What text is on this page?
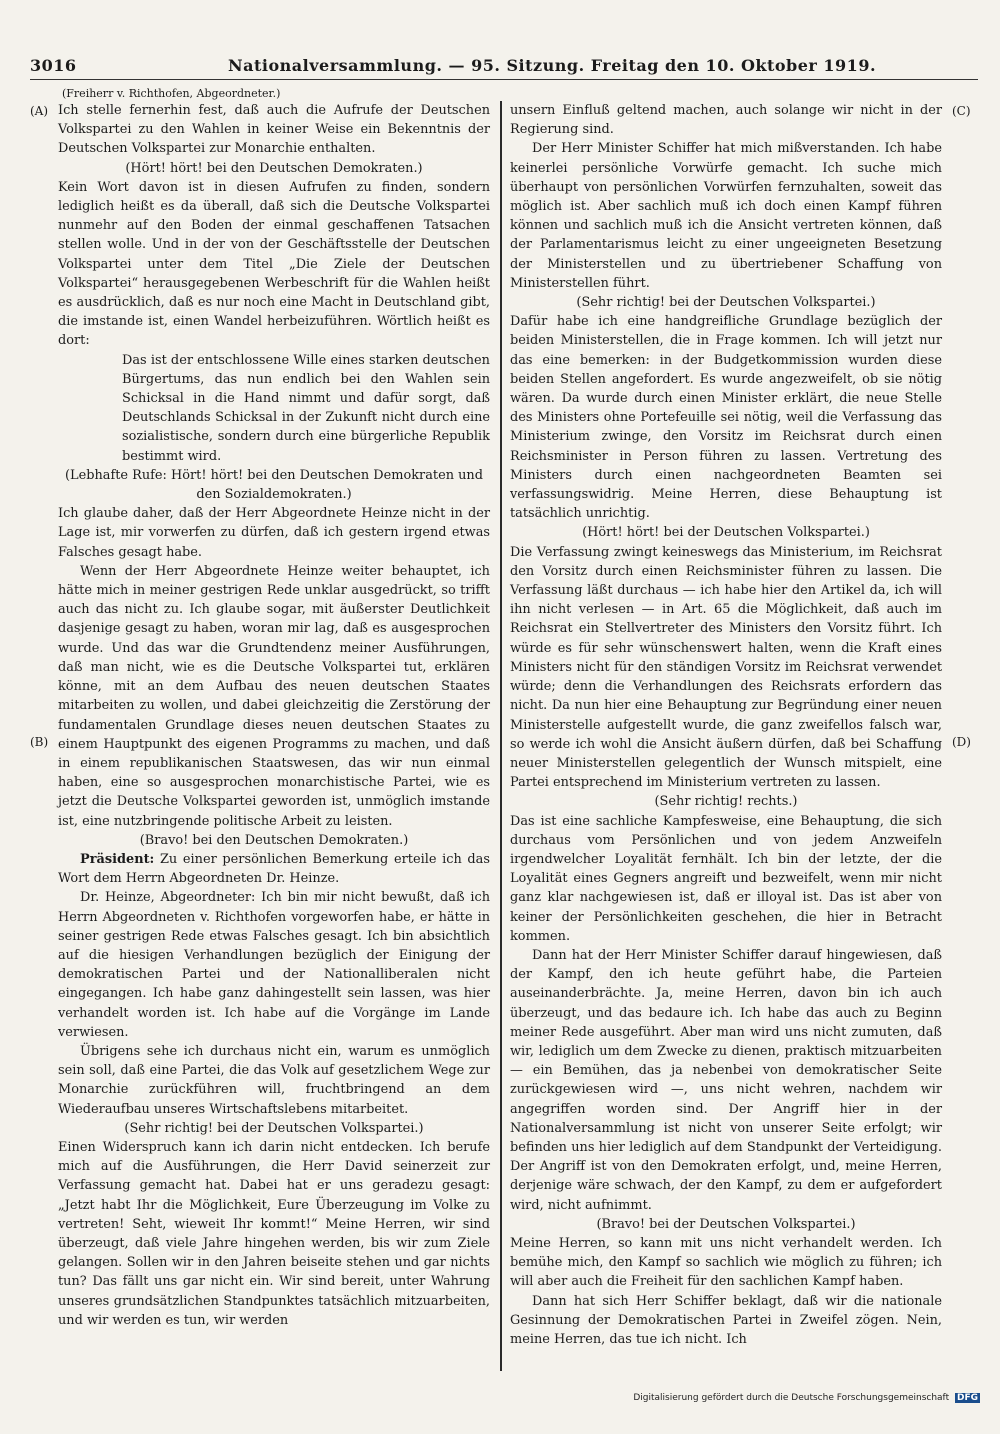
3016	Nationalversammlung. — 95. Sitzung. Freitag den 10. Oktober 1919.
(Freiherr v. Richthofen, Abgeordneter.)
(A)
(B)
(C)
(D)

Ich stelle fernerhin fest, daß auch die Aufrufe der Deutschen Volkspartei zu den Wahlen in keiner Weise ein Bekenntnis der Deutschen Volkspartei zur Monarchie enthalten.

(Hört! hört! bei den Deutschen Demokraten.)

Kein Wort davon ist in diesen Aufrufen zu finden, sondern lediglich heißt es da überall, daß sich die Deutsche Volkspartei nunmehr auf den Boden der einmal geschaffenen Tatsachen stellen wolle. Und in der von der Geschäftsstelle der Deutschen Volkspartei unter dem Titel „Die Ziele der Deutschen Volkspartei“ herausgegebenen Werbeschrift für die Wahlen heißt es ausdrücklich, daß es nur noch eine Macht in Deutschland gibt, die imstande ist, einen Wandel herbeizuführen. Wörtlich heißt es dort:

Das ist der entschlossene Wille eines starken deutschen Bürgertums, das nun endlich bei den Wahlen sein Schicksal in die Hand nimmt und dafür sorgt, daß Deutschlands Schicksal in der Zukunft nicht durch eine sozialistische, sondern durch eine bürgerliche Republik bestimmt wird.

(Lebhafte Rufe: Hört! hört! bei den Deutschen Demokraten und den Sozialdemokraten.)

Ich glaube daher, daß der Herr Abgeordnete Heinze nicht in der Lage ist, mir vorwerfen zu dürfen, daß ich gestern irgend etwas Falsches gesagt habe.

Wenn der Herr Abgeordnete Heinze weiter behauptet, ich hätte mich in meiner gestrigen Rede unklar ausgedrückt, so trifft auch das nicht zu. Ich glaube sogar, mit äußerster Deutlichkeit dasjenige gesagt zu haben, woran mir lag, daß es ausgesprochen wurde. Und das war die Grundtendenz meiner Ausführungen, daß man nicht, wie es die Deutsche Volkspartei tut, erklären könne, mit an dem Aufbau des neuen deutschen Staates mitarbeiten zu wollen, und dabei gleichzeitig die Zerstörung der fundamentalen Grundlage dieses neuen deutschen Staates zu einem Hauptpunkt des eigenen Programms zu machen, und daß in einem republikanischen Staatswesen, das wir nun einmal haben, eine so ausgesprochen monarchistische Partei, wie es jetzt die Deutsche Volkspartei geworden ist, unmöglich imstande ist, eine nutzbringende politische Arbeit zu leisten.

(Bravo! bei den Deutschen Demokraten.)

Präsident: Zu einer persönlichen Bemerkung erteile ich das Wort dem Herrn Abgeordneten Dr. Heinze.

Dr. Heinze, Abgeordneter: Ich bin mir nicht bewußt, daß ich Herrn Abgeordneten v. Richthofen vorgeworfen habe, er hätte in seiner gestrigen Rede etwas Falsches gesagt. Ich bin absichtlich auf die hiesigen Verhandlungen bezüglich der Einigung der demokratischen Partei und der Nationalliberalen nicht eingegangen. Ich habe ganz dahingestellt sein lassen, was hier verhandelt worden ist. Ich habe auf die Vorgänge im Lande verwiesen.

Übrigens sehe ich durchaus nicht ein, warum es unmöglich sein soll, daß eine Partei, die das Volk auf gesetzlichem Wege zur Monarchie zurückführen will, fruchtbringend an dem Wiederaufbau unseres Wirtschaftslebens mitarbeitet.

(Sehr richtig! bei der Deutschen Volkspartei.)

Einen Widerspruch kann ich darin nicht entdecken. Ich berufe mich auf die Ausführungen, die Herr David seinerzeit zur Verfassung gemacht hat. Dabei hat er uns geradezu gesagt: „Jetzt habt Ihr die Möglichkeit, Eure Überzeugung im Volke zu vertreten! Seht, wieweit Ihr kommt!“ Meine Herren, wir sind überzeugt, daß viele Jahre hingehen werden, bis wir zum Ziele gelangen. Sollen wir in den Jahren beiseite stehen und gar nichts tun? Das fällt uns gar nicht ein. Wir sind bereit, unter Wahrung unseres grundsätzlichen Standpunktes tatsächlich mitzuarbeiten, und wir werden es tun, wir werden

unsern Einfluß geltend machen, auch solange wir nicht in der Regierung sind.

Der Herr Minister Schiffer hat mich mißverstanden. Ich habe keinerlei persönliche Vorwürfe gemacht. Ich suche mich überhaupt von persönlichen Vorwürfen fernzuhalten, soweit das möglich ist. Aber sachlich muß ich doch einen Kampf führen können und sachlich muß ich die Ansicht vertreten können, daß der Parlamentarismus leicht zu einer ungeeigneten Besetzung der Ministerstellen und zu übertriebener Schaffung von Ministerstellen führt.

(Sehr richtig! bei der Deutschen Volkspartei.)

Dafür habe ich eine handgreifliche Grundlage bezüglich der beiden Ministerstellen, die in Frage kommen. Ich will jetzt nur das eine bemerken: in der Budgetkommission wurden diese beiden Stellen angefordert. Es wurde angezweifelt, ob sie nötig wären. Da wurde durch einen Minister erklärt, die neue Stelle des Ministers ohne Portefeuille sei nötig, weil die Verfassung das Ministerium zwinge, den Vorsitz im Reichsrat durch einen Reichsminister in Person führen zu lassen. Vertretung des Ministers durch einen nachgeordneten Beamten sei verfassungswidrig. Meine Herren, diese Behauptung ist tatsächlich unrichtig.

(Hört! hört! bei der Deutschen Volkspartei.)

Die Verfassung zwingt keineswegs das Ministerium, im Reichsrat den Vorsitz durch einen Reichsminister führen zu lassen. Die Verfassung läßt durchaus — ich habe hier den Artikel da, ich will ihn nicht verlesen — in Art. 65 die Möglichkeit, daß auch im Reichsrat ein Stellvertreter des Ministers den Vorsitz führt. Ich würde es für sehr wünschenswert halten, wenn die Kraft eines Ministers nicht für den ständigen Vorsitz im Reichsrat verwendet würde; denn die Verhandlungen des Reichsrats erfordern das nicht. Da nun hier eine Behauptung zur Begründung einer neuen Ministerstelle aufgestellt wurde, die ganz zweifellos falsch war, so werde ich wohl die Ansicht äußern dürfen, daß bei Schaffung neuer Ministerstellen gelegentlich der Wunsch mitspielt, eine Partei entsprechend im Ministerium vertreten zu lassen.

(Sehr richtig! rechts.)

Das ist eine sachliche Kampfesweise, eine Behauptung, die sich durchaus vom Persönlichen und von jedem Anzweifeln irgendwelcher Loyalität fernhält. Ich bin der letzte, der die Loyalität eines Gegners angreift und bezweifelt, wenn mir nicht ganz klar nachgewiesen ist, daß er illoyal ist. Das ist aber von keiner der Persönlichkeiten geschehen, die hier in Betracht kommen.

Dann hat der Herr Minister Schiffer darauf hingewiesen, daß der Kampf, den ich heute geführt habe, die Parteien auseinanderbrächte. Ja, meine Herren, davon bin ich auch überzeugt, und das bedaure ich. Ich habe das auch zu Beginn meiner Rede ausgeführt. Aber man wird uns nicht zumuten, daß wir, lediglich um dem Zwecke zu dienen, praktisch mitzuarbeiten — ein Bemühen, das ja nebenbei von demokratischer Seite zurückgewiesen wird —, uns nicht wehren, nachdem wir angegriffen worden sind. Der Angriff hier in der Nationalversammlung ist nicht von unserer Seite erfolgt; wir befinden uns hier lediglich auf dem Standpunkt der Verteidigung. Der Angriff ist von den Demokraten erfolgt, und, meine Herren, derjenige wäre schwach, der den Kampf, zu dem er aufgefordert wird, nicht aufnimmt.

(Bravo! bei der Deutschen Volkspartei.)

Meine Herren, so kann mit uns nicht verhandelt werden. Ich bemühe mich, den Kampf so sachlich wie möglich zu führen; ich will aber auch die Freiheit für den sachlichen Kampf haben.

Dann hat sich Herr Schiffer beklagt, daß wir die nationale Gesinnung der Demokratischen Partei in Zweifel zögen. Nein, meine Herren, das tue ich nicht. Ich

Digitalisierung gefördert durch die Deutsche Forschungsgemeinschaft DFG
